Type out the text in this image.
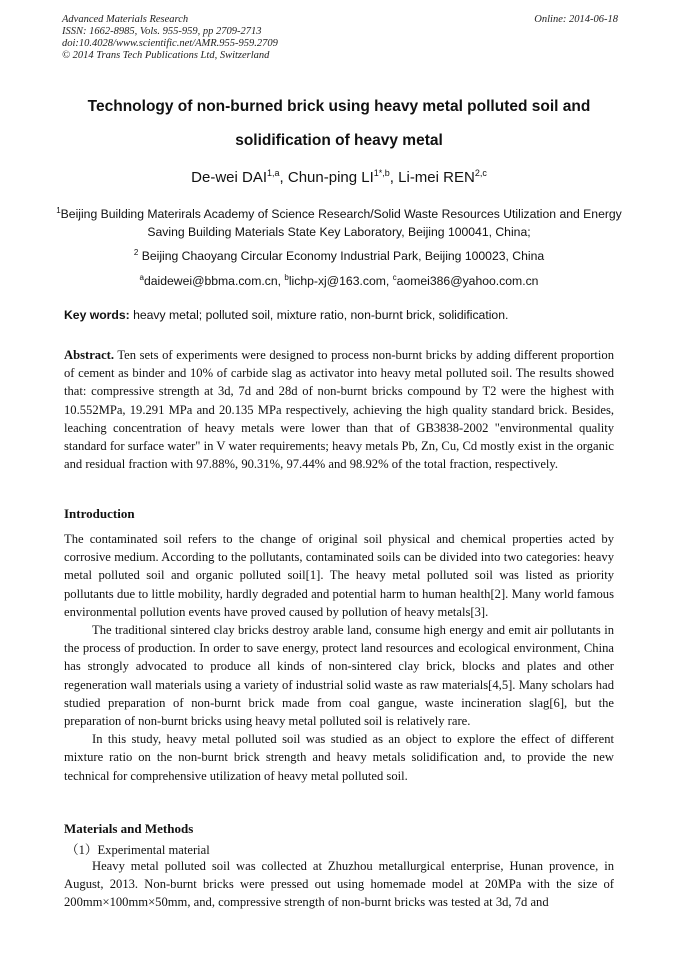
Advanced Materials Research
ISSN: 1662-8985, Vols. 955-959, pp 2709-2713
doi:10.4028/www.scientific.net/AMR.955-959.2709
© 2014 Trans Tech Publications Ltd, Switzerland
Online: 2014-06-18
Technology of non-burned brick using heavy metal polluted soil and
solidification of heavy metal
De-wei DAI$^{1,a}$, Chun-ping $LI^{1*,b}$, Li-mei REN$^{2,c}$
$^1$Beijing Building Materirals Academy of Science Research/Solid Waste Resources Utilization and Energy Saving Building Materials State Key Laboratory, Beijing 100041, China;
$^2$ Beijing Chaoyang Circular Economy Industrial Park, Beijing 100023, China
$^a$daidewei@bbma.com.cn, $^b$lichp-xj@163.com, $^c$aomei386@yahoo.com.cn
Key words: heavy metal; polluted soil, mixture ratio, non-burnt brick, solidification.
Abstract. Ten sets of experiments were designed to process non-burnt bricks by adding different proportion of cement as binder and 10% of carbide slag as activator into heavy metal polluted soil. The results showed that: compressive strength at 3d, 7d and 28d of non-burnt bricks compound by T2 were the highest with 10.552MPa, 19.291 MPa and 20.135 MPa respectively, achieving the high quality standard brick. Besides, leaching concentration of heavy metals were lower than that of GB3838-2002 "environmental quality standard for surface water" in V water requirements; heavy metals Pb, Zn, Cu, Cd mostly exist in the organic and residual fraction with 97.88%, 90.31%, 97.44% and 98.92% of the total fraction, respectively.
Introduction

The contaminated soil refers to the change of original soil physical and chemical properties acted by corrosive medium. According to the pollutants, contaminated soils can be divided into two categories: heavy metal polluted soil and organic polluted soil[1]. The heavy metal polluted soil was listed as priority pollutants due to little mobility, hardly degraded and potential harm to human health[2]. Many world famous environmental pollution events have proved caused by pollution of heavy metals[3].

The traditional sintered clay bricks destroy arable land, consume high energy and emit air pollutants in the process of production. In order to save energy, protect land resources and ecological environment, China has strongly advocated to produce all kinds of non-sintered clay brick, blocks and plates and other regeneration wall materials using a variety of industrial solid waste as raw materials[4,5]. Many scholars had studied preparation of non-burnt brick made from coal gangue, waste incineration slag[6], but the preparation of non-burnt bricks using heavy metal polluted soil is relatively rare.

In this study, heavy metal polluted soil was studied as an object to explore the effect of different mixture ratio on the non-burnt brick strength and heavy metals solidification and, to provide the new technical for comprehensive utilization of heavy metal polluted soil.

Materials and Methods
（1）Experimental material

Heavy metal polluted soil was collected at Zhuzhou metallurgical enterprise, Hunan provence, in August, 2013. Non-burnt bricks were pressed out using homemade model at 20MPa with the size of 200mm×100mm×50mm, and, compressive strength of non-burnt bricks was tested at 3d, 7d and
